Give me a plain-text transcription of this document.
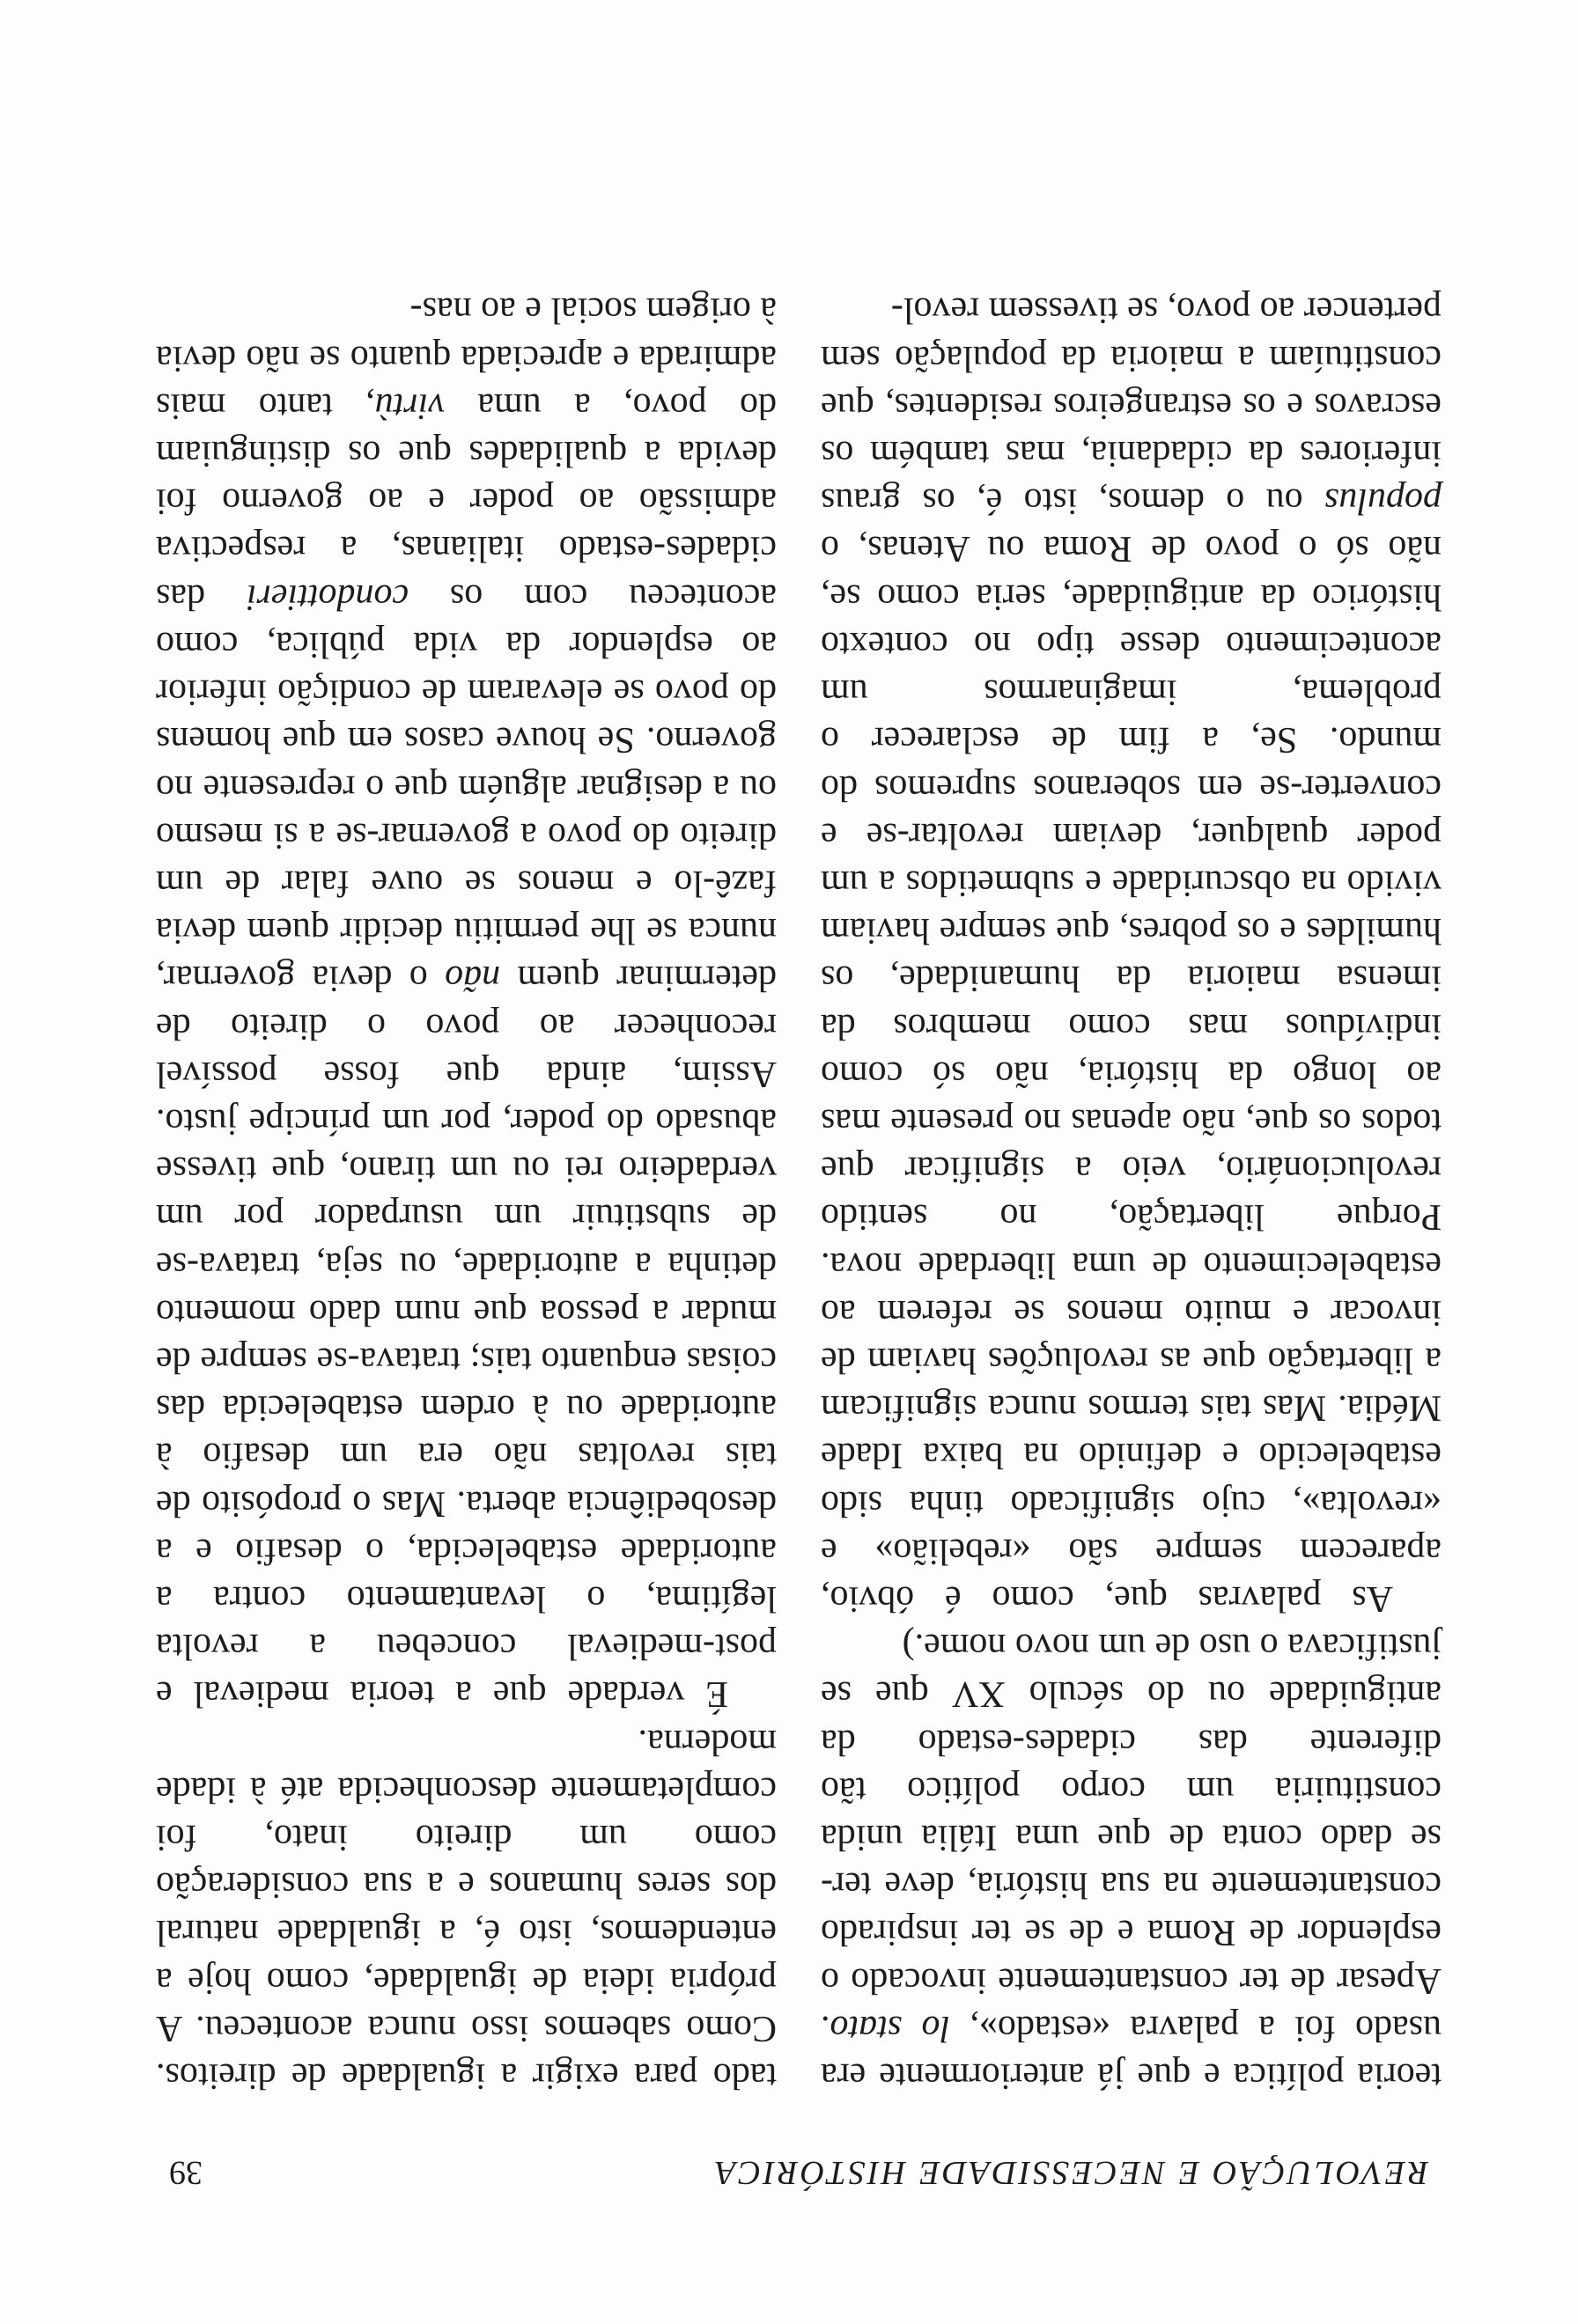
REVOLUÇÃO E NECESSIDADE HISTÓRICA
39

teoria política e que já anteriormente era usado foi a palavra «estado», lo stato. Apesar de ter constantemente invocado o esplendor de Roma e de se ter inspirado constantemente na sua história, deve ter-se dado conta de que uma Itália unida constituiria um corpo político tão diferente das cidades-estado da antiguidade ou do século XV que se justificava o uso de um novo nome.)

As palavras que, como é óbvio, aparecem sempre são «rebelião» e «revolta», cujo significado tinha sido estabelecido e definido na baixa Idade Média. Mas tais termos nunca significam a libertação que as revoluções haviam de invocar e muito menos se referem ao estabelecimento de uma liberdade nova. Porque libertação, no sentido revolucionário, veio a significar que todos os que, não apenas no presente mas ao longo da história, não só como indivíduos mas como membros da imensa maioria da humanidade, os humildes e os pobres, que sempre haviam vivido na obscuridade e submetidos a um poder qualquer, deviam revoltar-se e converter-se em soberanos supremos do mundo. Se, a fim de esclarecer o problema, imaginarmos um acontecimento desse tipo no contexto histórico da antiguidade, seria como se, não só o povo de Roma ou Atenas, o populus ou o demos, isto é, os graus inferiores da cidadania, mas também os escravos e os estrangeiros residentes, que constituíam a maioria da população sem pertencer ao povo, se tivessem revol-

tado para exigir a igualdade de direitos. Como sabemos isso nunca aconteceu. A própria ideia de igualdade, como hoje a entendemos, isto é, a igualdade natural dos seres humanos e a sua consideração como um direito inato, foi completamente desconhecida até à idade moderna.

É verdade que a teoria medieval e post-medieval concebeu a revolta legítima, o levantamento contra a autoridade estabelecida, o desafio e a desobediência aberta. Mas o propósito de tais revoltas não era um desafio à autoridade ou à ordem estabelecida das coisas enquanto tais; tratava-se sempre de mudar a pessoa que num dado momento detinha a autoridade, ou seja, tratava-se de substituir um usurpador por um verdadeiro rei ou um tirano, que tivesse abusado do poder, por um príncipe justo. Assim, ainda que fosse possível reconhecer ao povo o direito de determinar quem não o devia governar, nunca se lhe permitiu decidir quem devia fazê-lo e menos se ouve falar de um direito do povo a governar-se a si mesmo ou a designar alguém que o represente no governo. Se houve casos em que homens do povo se elevaram de condição inferior ao esplendor da vida pública, como aconteceu com os condottieri das cidades-estado italianas, a respectiva admissão ao poder e ao governo foi devida a qualidades que os distinguiam do povo, a uma virtù, tanto mais admirada e apreciada quanto se não devia à origem social e ao nas-
